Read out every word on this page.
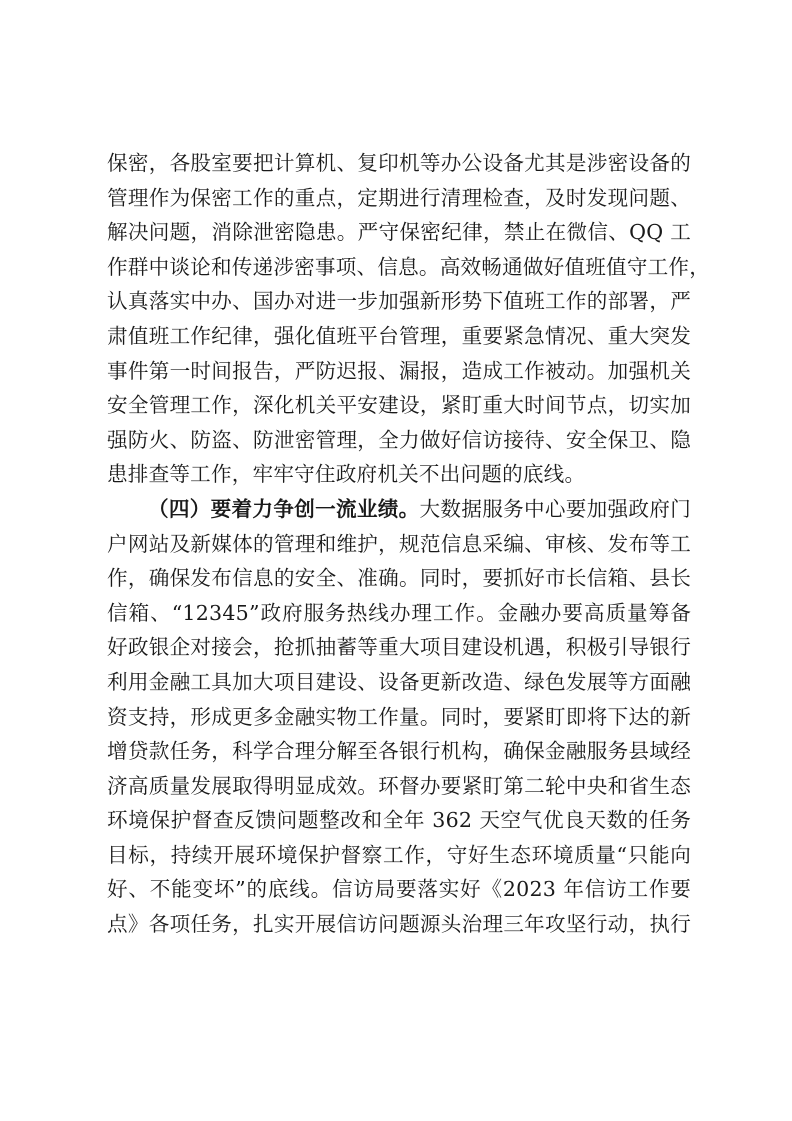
保密，各股室要把计算机、复印机等办公设备尤其是涉密设备的
管理作为保密工作的重点，定期进行清理检查，及时发现问题、
解决问题，消除泄密隐患。严守保密纪律，禁止在微信、QQ 工
作群中谈论和传递涉密事项、信息。高效畅通做好值班值守工作，
认真落实中办、国办对进一步加强新形势下值班工作的部署，严
肃值班工作纪律，强化值班平台管理，重要紧急情况、重大突发
事件第一时间报告，严防迟报、漏报，造成工作被动。加强机关
安全管理工作，深化机关平安建设，紧盯重大时间节点，切实加
强防火、防盗、防泄密管理，全力做好信访接待、安全保卫、隐
患排查等工作，牢牢守住政府机关不出问题的底线。
（四）要着力争创一流业绩。大数据服务中心要加强政府门
户网站及新媒体的管理和维护，规范信息采编、审核、发布等工
作，确保发布信息的安全、准确。同时，要抓好市长信箱、县长
信箱、“12345”政府服务热线办理工作。金融办要高质量筹备
好政银企对接会，抢抓抽蓄等重大项目建设机遇，积极引导银行
利用金融工具加大项目建设、设备更新改造、绿色发展等方面融
资支持，形成更多金融实物工作量。同时，要紧盯即将下达的新
增贷款任务，科学合理分解至各银行机构，确保金融服务县域经
济高质量发展取得明显成效。环督办要紧盯第二轮中央和省生态
环境保护督查反馈问题整改和全年 362 天空气优良天数的任务
目标，持续开展环境保护督察工作，守好生态环境质量“只能向
好、不能变坏”的底线。信访局要落实好《2023 年信访工作要
点》各项任务，扎实开展信访问题源头治理三年攻坚行动，执行
